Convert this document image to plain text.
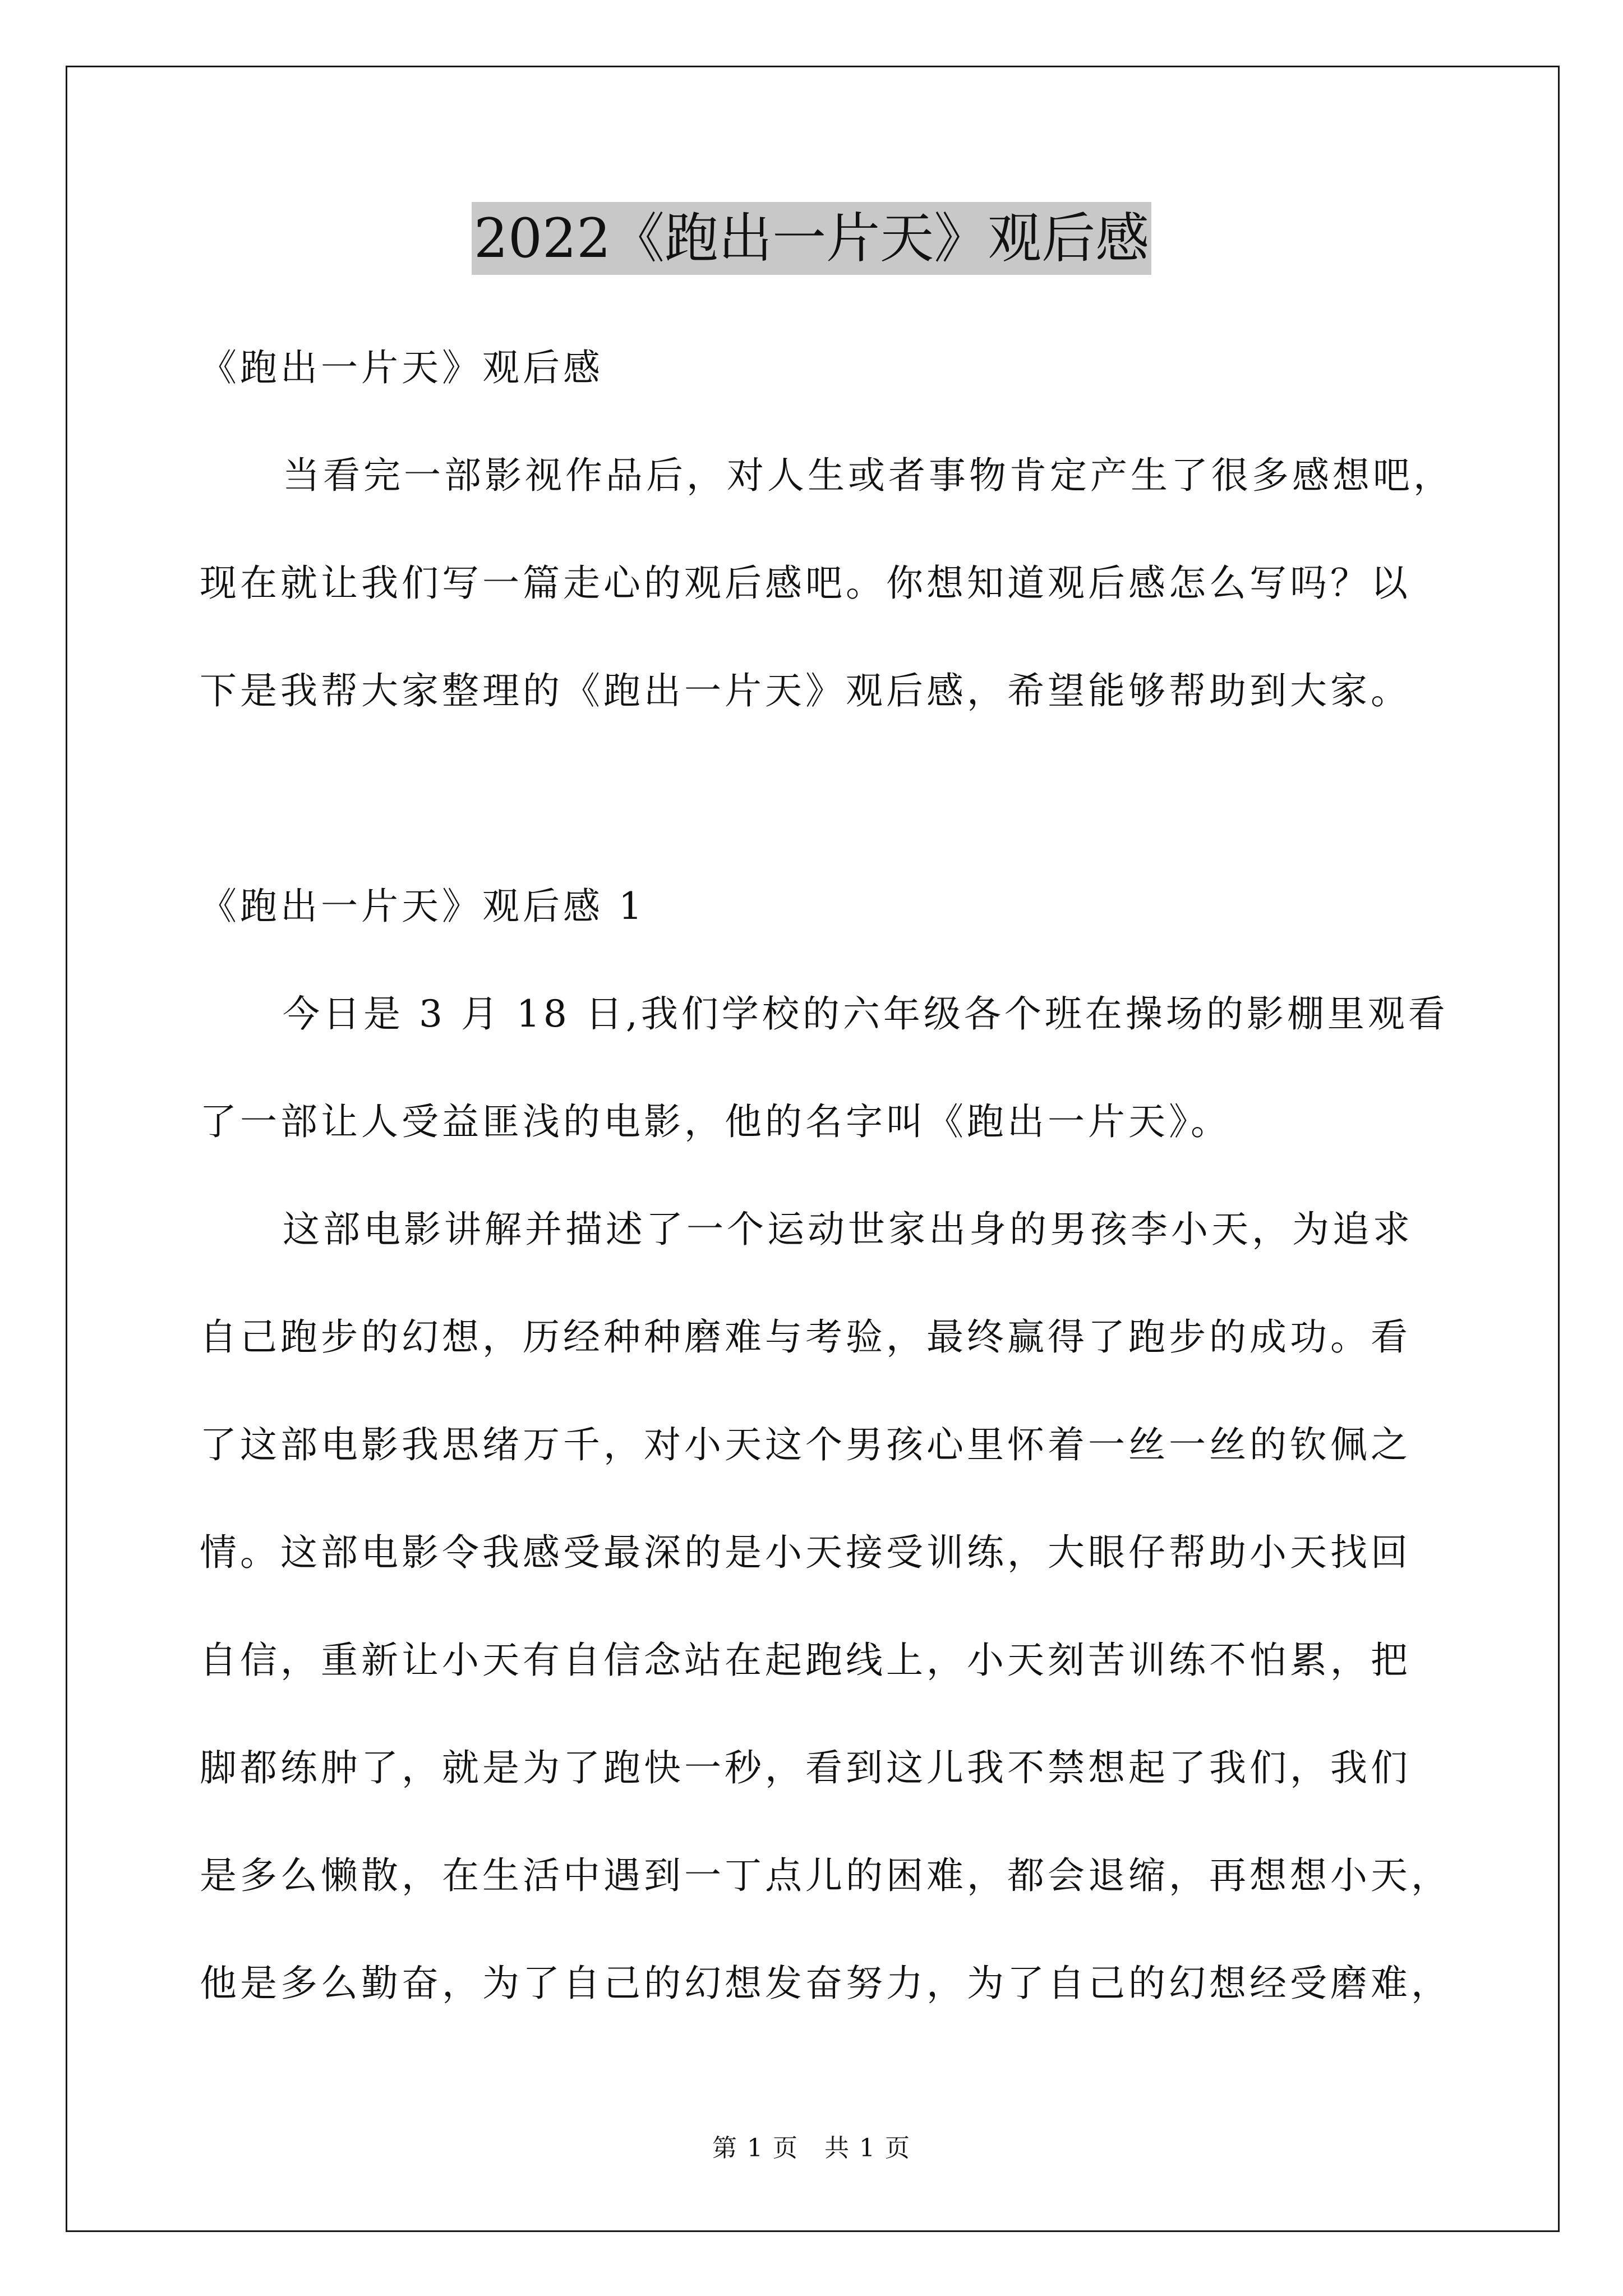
2022《跑出一片天》观后感
《跑出一片天》观后感
当看完一部影视作品后，对人生或者事物肯定产生了很多感想吧，
现在就让我们写一篇走心的观后感吧。你想知道观后感怎么写吗？以
下是我帮大家整理的《跑出一片天》观后感，希望能够帮助到大家。
《跑出一片天》观后感 1
今日是 3 月 18 日,我们学校的六年级各个班在操场的影棚里观看
了一部让人受益匪浅的电影，他的名字叫《跑出一片天》。
这部电影讲解并描述了一个运动世家出身的男孩李小天，为追求
自己跑步的幻想，历经种种磨难与考验，最终赢得了跑步的成功。看
了这部电影我思绪万千，对小天这个男孩心里怀着一丝一丝的钦佩之
情。这部电影令我感受最深的是小天接受训练，大眼仔帮助小天找回
自信，重新让小天有自信念站在起跑线上，小天刻苦训练不怕累，把
脚都练肿了，就是为了跑快一秒，看到这儿我不禁想起了我们，我们
是多么懒散，在生活中遇到一丁点儿的困难，都会退缩，再想想小天，
他是多么勤奋，为了自己的幻想发奋努力，为了自己的幻想经受磨难，
第 1 页　共 1 页
